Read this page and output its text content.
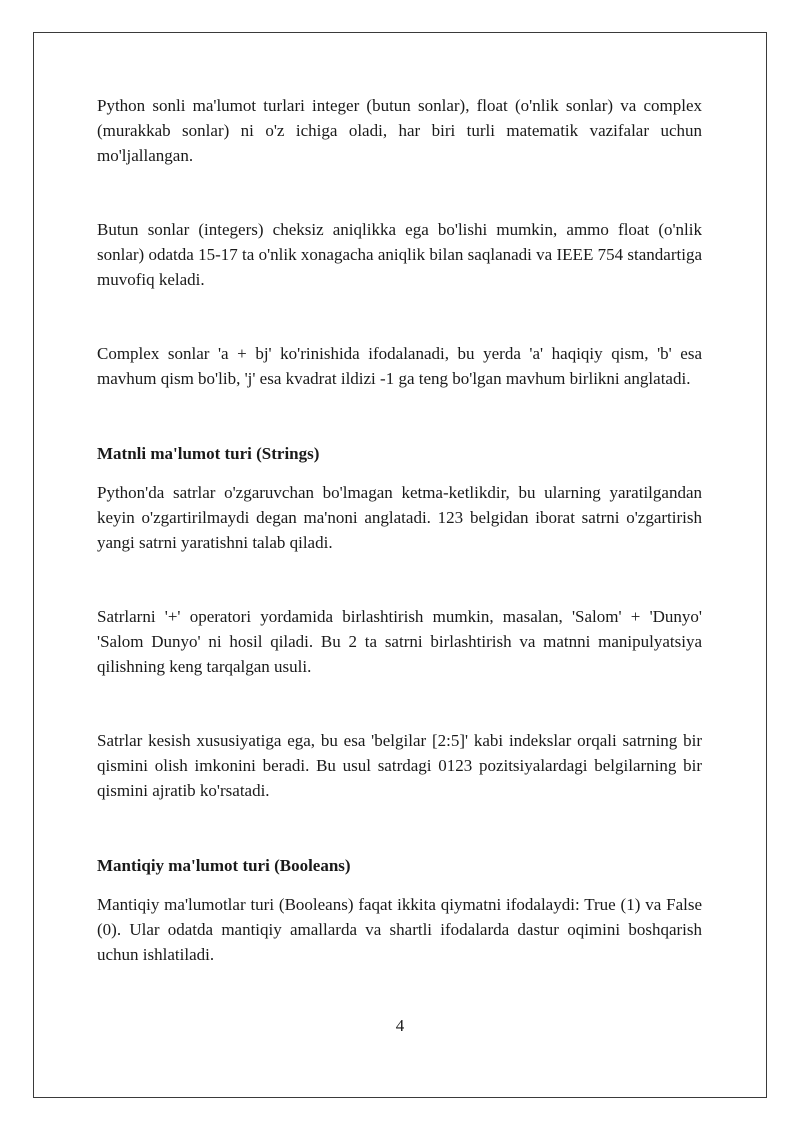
Python sonli ma'lumot turlari integer (butun sonlar), float (o'nlik sonlar) va complex (murakkab sonlar) ni o'z ichiga oladi, har biri turli matematik vazifalar uchun mo'ljallangan.

Butun sonlar (integers) cheksiz aniqlikka ega bo'lishi mumkin, ammo float (o'nlik sonlar) odatda 15-17 ta o'nlik xonagacha aniqlik bilan saqlanadi va IEEE 754 standartiga muvofiq keladi.

Complex sonlar 'a + bj' ko'rinishida ifodalanadi, bu yerda 'a' haqiqiy qism, 'b' esa mavhum qism bo'lib, 'j' esa kvadrat ildizi -1 ga teng bo'lgan mavhum birlikni anglatadi.

Matnli ma'lumot turi (Strings)

Python'da satrlar o'zgaruvchan bo'lmagan ketma-ketlikdir, bu ularning yaratilgandan keyin o'zgartirilmaydi degan ma'noni anglatadi. 123 belgidan iborat satrni o'zgartirish yangi satrni yaratishni talab qiladi.

Satrlarni '+' operatori yordamida birlashtirish mumkin, masalan, 'Salom' + 'Dunyo' 'Salom Dunyo' ni hosil qiladi. Bu 2 ta satrni birlashtirish va matnni manipulyatsiya qilishning keng tarqalgan usuli.

Satrlar kesish xususiyatiga ega, bu esa 'belgilar [2:5]' kabi indekslar orqali satrning bir qismini olish imkonini beradi. Bu usul satrdagi 0123 pozitsiyalardagi belgilarning bir qismini ajratib ko'rsatadi.

Mantiqiy ma'lumot turi (Booleans)

Mantiqiy ma'lumotlar turi (Booleans) faqat ikkita qiymatni ifodalaydi: True (1) va False (0). Ular odatda mantiqiy amallarda va shartli ifodalarda dastur oqimini boshqarish uchun ishlatiladi.

4
